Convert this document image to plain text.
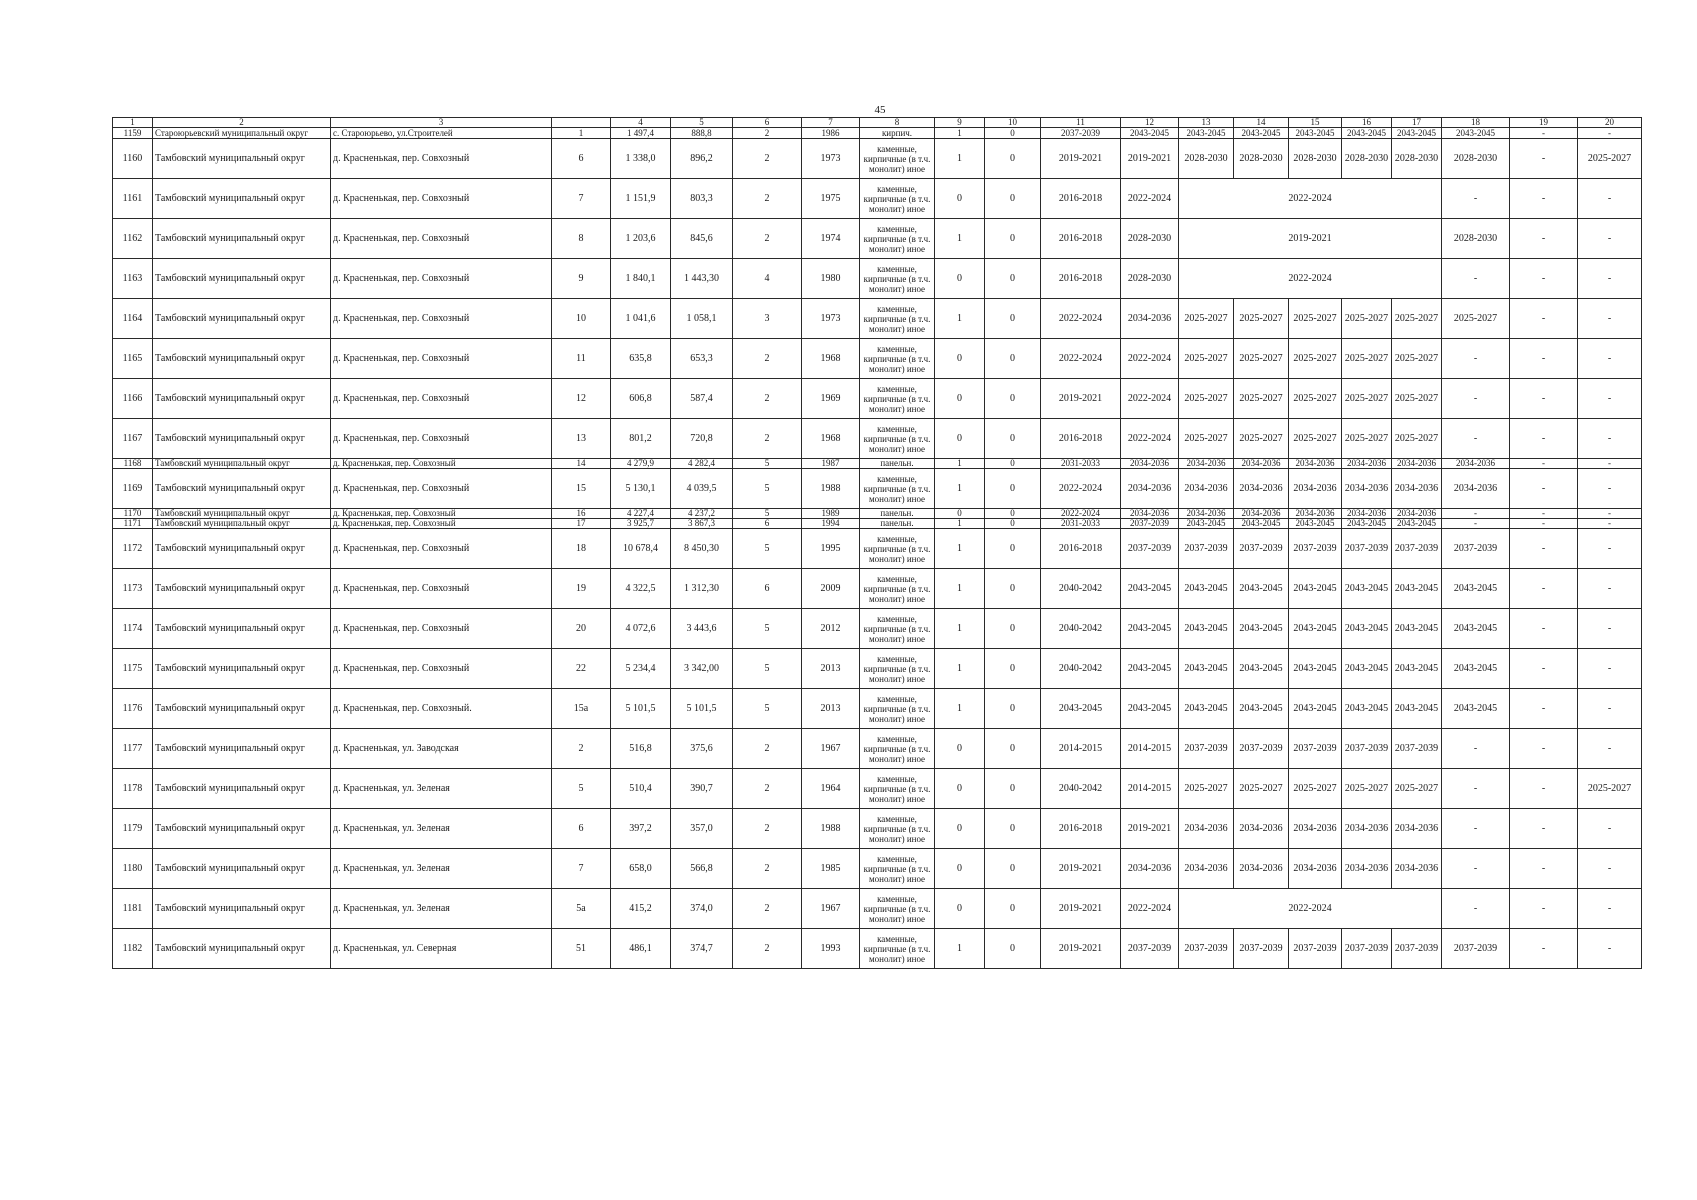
45
1	2	3		4	5	6	7	8	9	10	11	12	13	14	15	16	17	18	19	20
1159	Староюрьевский муниципальный округ	с. Староюрьево, ул.Строителей	1	1 497,4	888,8	2	1986	кирпич.	1	0	2037-2039	2043-2045	2043-2045	2043-2045	2043-2045	2043-2045	2043-2045	2043-2045	-	-
1160	Тамбовский муниципальный округ	д. Красненькая, пер. Совхозный	6	1 338,0	896,2	2	1973	каменные, кирпичные (в т.ч. монолит) иное	1	0	2019-2021	2019-2021	2028-2030	2028-2030	2028-2030	2028-2030	2028-2030	2028-2030	-	2025-2027
1161	Тамбовский муниципальный округ	д. Красненькая, пер. Совхозный	7	1 151,9	803,3	2	1975	каменные, кирпичные (в т.ч. монолит) иное	0	0	2016-2018	2022-2024	2022-2024					-	-	-
1162	Тамбовский муниципальный округ	д. Красненькая, пер. Совхозный	8	1 203,6	845,6	2	1974	каменные, кирпичные (в т.ч. монолит) иное	1	0	2016-2018	2028-2030	2019-2021					2028-2030	-	-
1163	Тамбовский муниципальный округ	д. Красненькая, пер. Совхозный	9	1 840,1	1 443,30	4	1980	каменные, кирпичные (в т.ч. монолит) иное	0	0	2016-2018	2028-2030	2022-2024					-	-	-
1164	Тамбовский муниципальный округ	д. Красненькая, пер. Совхозный	10	1 041,6	1 058,1	3	1973	каменные, кирпичные (в т.ч. монолит) иное	1	0	2022-2024	2034-2036	2025-2027	2025-2027	2025-2027	2025-2027	2025-2027	2025-2027	-	-
1165	Тамбовский муниципальный округ	д. Красненькая, пер. Совхозный	11	635,8	653,3	2	1968	каменные, кирпичные (в т.ч. монолит) иное	0	0	2022-2024	2022-2024	2025-2027	2025-2027	2025-2027	2025-2027	2025-2027	-	-	-
1166	Тамбовский муниципальный округ	д. Красненькая, пер. Совхозный	12	606,8	587,4	2	1969	каменные, кирпичные (в т.ч. монолит) иное	0	0	2019-2021	2022-2024	2025-2027	2025-2027	2025-2027	2025-2027	2025-2027	-	-	-
1167	Тамбовский муниципальный округ	д. Красненькая, пер. Совхозный	13	801,2	720,8	2	1968	каменные, кирпичные (в т.ч. монолит) иное	0	0	2016-2018	2022-2024	2025-2027	2025-2027	2025-2027	2025-2027	2025-2027	-	-	-
1168	Тамбовский муниципальный округ	д. Красненькая, пер. Совхозный	14	4 279,9	4 282,4	5	1987	панельн.	1	0	2031-2033	2034-2036	2034-2036	2034-2036	2034-2036	2034-2036	2034-2036	2034-2036	-	-
1169	Тамбовский муниципальный округ	д. Красненькая, пер. Совхозный	15	5 130,1	4 039,5	5	1988	каменные, кирпичные (в т.ч. монолит) иное	1	0	2022-2024	2034-2036	2034-2036	2034-2036	2034-2036	2034-2036	2034-2036	2034-2036	-	-
1170	Тамбовский муниципальный округ	д. Красненькая, пер. Совхозный	16	4 227,4	4 237,2	5	1989	панельн.	0	0	2022-2024	2034-2036	2034-2036	2034-2036	2034-2036	2034-2036	2034-2036	-	-	-
1171	Тамбовский муниципальный округ	д. Красненькая, пер. Совхозный	17	3 925,7	3 867,3	6	1994	панельн.	1	0	2031-2033	2037-2039	2043-2045	2043-2045	2043-2045	2043-2045	2043-2045	-	-	-
1172	Тамбовский муниципальный округ	д. Красненькая, пер. Совхозный	18	10 678,4	8 450,30	5	1995	каменные, кирпичные (в т.ч. монолит) иное	1	0	2016-2018	2037-2039	2037-2039	2037-2039	2037-2039	2037-2039	2037-2039	2037-2039	-	-
1173	Тамбовский муниципальный округ	д. Красненькая, пер. Совхозный	19	4 322,5	1 312,30	6	2009	каменные, кирпичные (в т.ч. монолит) иное	1	0	2040-2042	2043-2045	2043-2045	2043-2045	2043-2045	2043-2045	2043-2045	2043-2045	-	-
1174	Тамбовский муниципальный округ	д. Красненькая, пер. Совхозный	20	4 072,6	3 443,6	5	2012	каменные, кирпичные (в т.ч. монолит) иное	1	0	2040-2042	2043-2045	2043-2045	2043-2045	2043-2045	2043-2045	2043-2045	2043-2045	-	-
1175	Тамбовский муниципальный округ	д. Красненькая, пер. Совхозный	22	5 234,4	3 342,00	5	2013	каменные, кирпичные (в т.ч. монолит) иное	1	0	2040-2042	2043-2045	2043-2045	2043-2045	2043-2045	2043-2045	2043-2045	2043-2045	-	-
1176	Тамбовский муниципальный округ	д. Красненькая, пер. Совхозный.	15а	5 101,5	5 101,5	5	2013	каменные, кирпичные (в т.ч. монолит) иное	1	0	2043-2045	2043-2045	2043-2045	2043-2045	2043-2045	2043-2045	2043-2045	2043-2045	-	-
1177	Тамбовский муниципальный округ	д. Красненькая, ул. Заводская	2	516,8	375,6	2	1967	каменные, кирпичные (в т.ч. монолит) иное	0	0	2014-2015	2014-2015	2037-2039	2037-2039	2037-2039	2037-2039	2037-2039	-	-	-
1178	Тамбовский муниципальный округ	д. Красненькая, ул. Зеленая	5	510,4	390,7	2	1964	каменные, кирпичные (в т.ч. монолит) иное	0	0	2040-2042	2014-2015	2025-2027	2025-2027	2025-2027	2025-2027	2025-2027	-	-	2025-2027
1179	Тамбовский муниципальный округ	д. Красненькая, ул. Зеленая	6	397,2	357,0	2	1988	каменные, кирпичные (в т.ч. монолит) иное	0	0	2016-2018	2019-2021	2034-2036	2034-2036	2034-2036	2034-2036	2034-2036	-	-	-
1180	Тамбовский муниципальный округ	д. Красненькая, ул. Зеленая	7	658,0	566,8	2	1985	каменные, кирпичные (в т.ч. монолит) иное	0	0	2019-2021	2034-2036	2034-2036	2034-2036	2034-2036	2034-2036	2034-2036	-	-	-
1181	Тамбовский муниципальный округ	д. Красненькая, ул. Зеленая	5а	415,2	374,0	2	1967	каменные, кирпичные (в т.ч. монолит) иное	0	0	2019-2021	2022-2024	2022-2024					-	-	-
1182	Тамбовский муниципальный округ	д. Красненькая, ул. Северная	51	486,1	374,7	2	1993	каменные, кирпичные (в т.ч. монолит) иное	1	0	2019-2021	2037-2039	2037-2039	2037-2039	2037-2039	2037-2039	2037-2039	2037-2039	-	-
